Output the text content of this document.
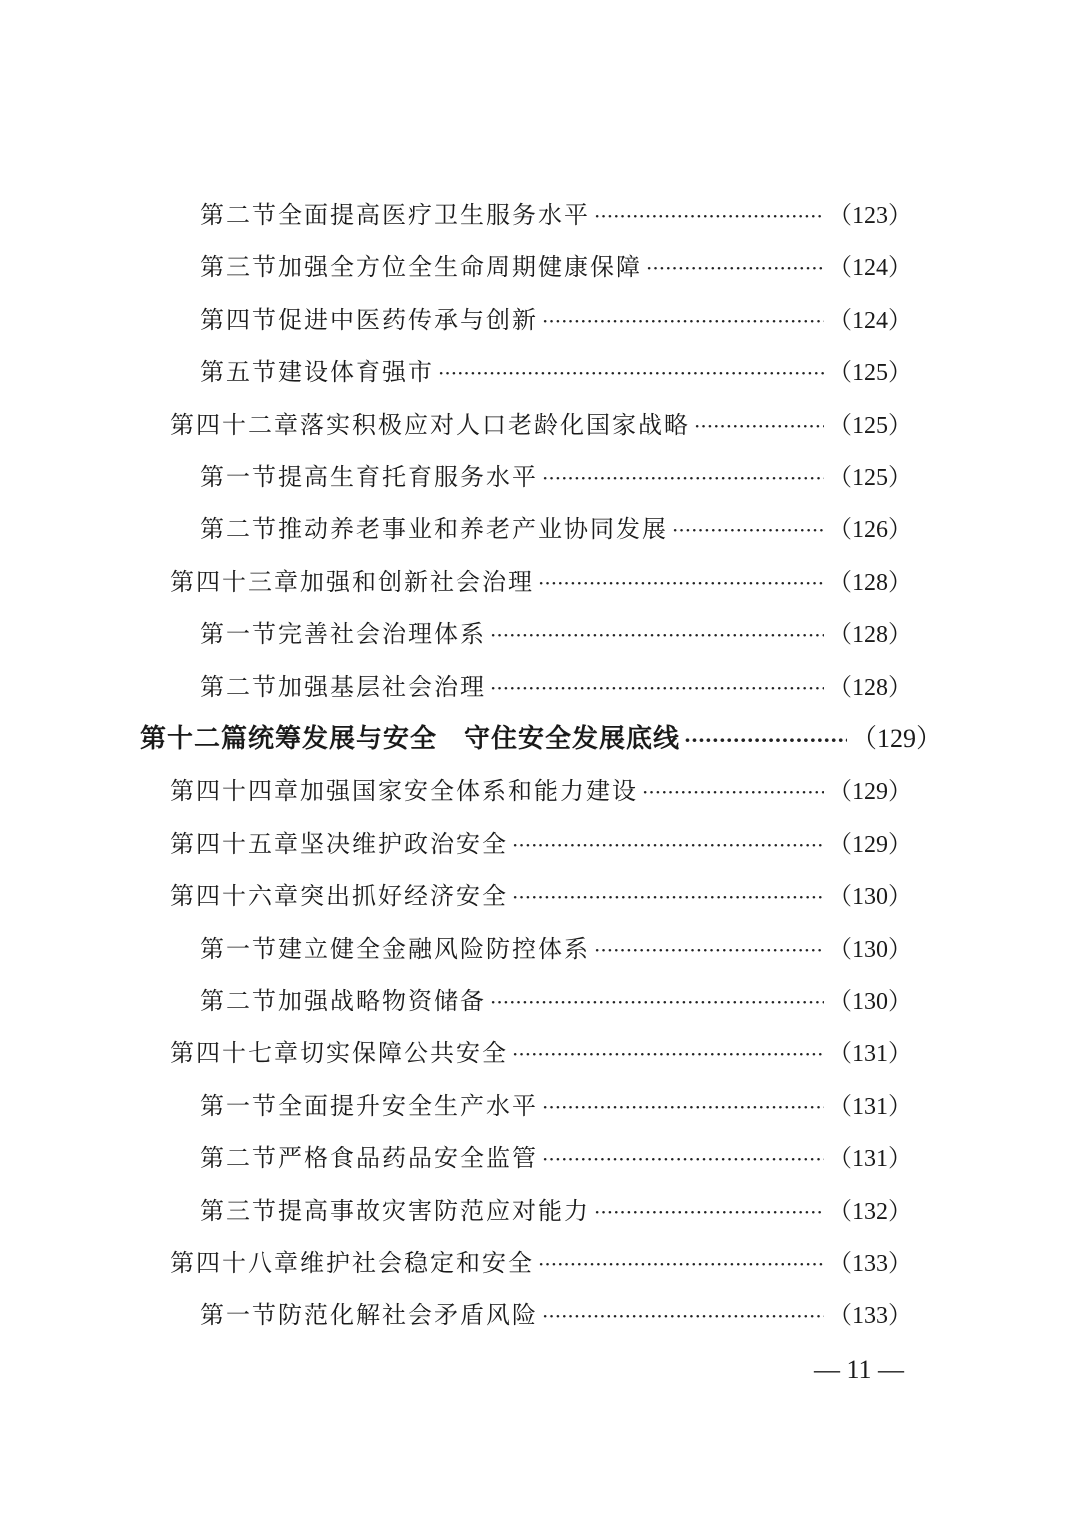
第二节 全面提高医疗卫生服务水平 ·····	（ 123 ）
第三节 加强全方位全生命周期健康保障 ·····	（ 124 ）
第四节 促进中医药传承与创新 ·····	（ 124 ）
第五节 建设体育强市 ·····	（ 125 ）
第四十二章 落实积极应对人口老龄化国家战略 ·····	（ 125 ）
第一节 提高生育托育服务水平 ·····	（ 125 ）
第二节 推动养老事业和养老产业协同发展 ·····	（ 126 ）
第四十三章 加强和创新社会治理 ·····	（ 128 ）
第一节 完善社会治理体系 ·····	（ 128 ）
第二节 加强基层社会治理 ·····	（ 128 ）
第十二篇 统筹发展与安全　守住安全发展底线 ·····	（ 129 ）
第四十四章 加强国家安全体系和能力建设 ·····	（ 129 ）
第四十五章 坚决维护政治安全 ·····	（ 129 ）
第四十六章 突出抓好经济安全 ·····	（ 130 ）
第一节 建立健全金融风险防控体系 ·····	（ 130 ）
第二节 加强战略物资储备 ·····	（ 130 ）
第四十七章 切实保障公共安全 ·····	（ 131 ）
第一节 全面提升安全生产水平 ·····	（ 131 ）
第二节 严格食品药品安全监管 ·····	（ 131 ）
第三节 提高事故灾害防范应对能力 ·····	（ 132 ）
第四十八章 维护社会稳定和安全 ·····	（ 133 ）
第一节 防范化解社会矛盾风险 ·····	（ 133 ）
— 11 —
